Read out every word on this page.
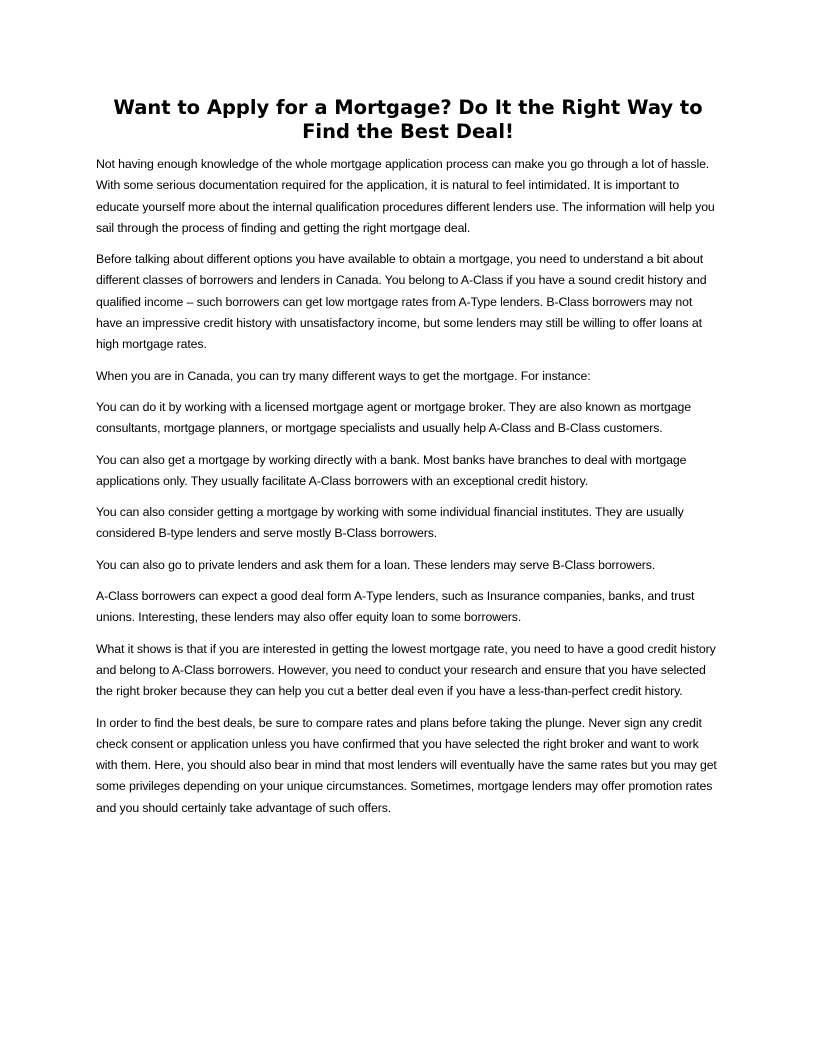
Want to Apply for a Mortgage? Do It the Right Way to Find the Best Deal!

Not having enough knowledge of the whole mortgage application process can make you go through a lot of hassle. With some serious documentation required for the application, it is natural to feel intimidated. It is important to educate yourself more about the internal qualification procedures different lenders use. The information will help you sail through the process of finding and getting the right mortgage deal.

Before talking about different options you have available to obtain a mortgage, you need to understand a bit about different classes of borrowers and lenders in Canada. You belong to A-Class if you have a sound credit history and qualified income – such borrowers can get low mortgage rates from A-Type lenders. B-Class borrowers may not have an impressive credit history with unsatisfactory income, but some lenders may still be willing to offer loans at high mortgage rates.

When you are in Canada, you can try many different ways to get the mortgage. For instance:

You can do it by working with a licensed mortgage agent or mortgage broker. They are also known as mortgage consultants, mortgage planners, or mortgage specialists and usually help A-Class and B-Class customers.

You can also get a mortgage by working directly with a bank. Most banks have branches to deal with mortgage applications only. They usually facilitate A-Class borrowers with an exceptional credit history.

You can also consider getting a mortgage by working with some individual financial institutes. They are usually considered B-type lenders and serve mostly B-Class borrowers.

You can also go to private lenders and ask them for a loan. These lenders may serve B-Class borrowers.

A-Class borrowers can expect a good deal form A-Type lenders, such as Insurance companies, banks, and trust unions. Interesting, these lenders may also offer equity loan to some borrowers.

What it shows is that if you are interested in getting the lowest mortgage rate, you need to have a good credit history and belong to A-Class borrowers. However, you need to conduct your research and ensure that you have selected the right broker because they can help you cut a better deal even if you have a less-than-perfect credit history.

In order to find the best deals, be sure to compare rates and plans before taking the plunge. Never sign any credit check consent or application unless you have confirmed that you have selected the right broker and want to work with them. Here, you should also bear in mind that most lenders will eventually have the same rates but you may get some privileges depending on your unique circumstances. Sometimes, mortgage lenders may offer promotion rates and you should certainly take advantage of such offers.
